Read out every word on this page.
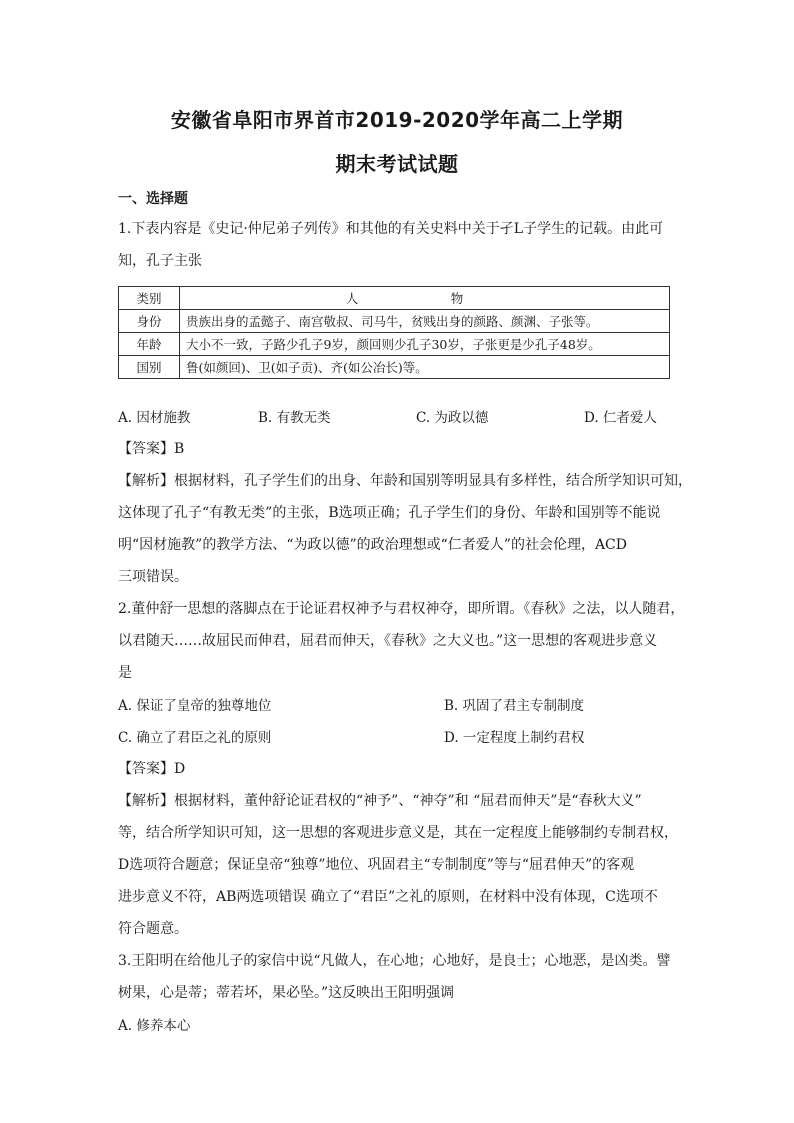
安徽省阜阳市界首市2019-2020学年高二上学期
期末考试试题
一、选择题
1.下表内容是《史记·仲尼弟子列传》和其他的有关史料中关于孑L子学生的记载。由此可
知，孔子主张
类别	人　物
身份	贵族出身的孟懿子、南宫敬叔、司马牛，贫贱出身的颜路、颜渊、子张等。
年龄	大小不一致，子路少孔子9岁，颜回则少孔子30岁，子张更是少孔子48岁。
国别	鲁(如颜回)、卫(如子贡)、齐(如公冶长)等。
A. 因材施教	B. 有教无类	C. 为政以德	D. 仁者爱人
【答案】B
【解析】根据材料，孔子学生们的出身、年龄和国别等明显具有多样性，结合所学知识可知，
这体现了孔子“有教无类”的主张，B选项正确；孔子学生们的身份、年龄和国别等不能说
明“因材施教”的教学方法、“为政以德”的政治理想或“仁者爱人”的社会伦理，ACD
三项错误。
2.董仲舒一思想的落脚点在于论证君权神予与君权神夺，即所谓。《春秋》之法，以人随君，
以君随天……故屈民而伸君，屈君而伸天，《春秋》之大义也。”这一思想的客观进步意义
是
A. 保证了皇帝的独尊地位	B. 巩固了君主专制制度
C. 确立了君臣之礼的原则	D. 一定程度上制约君权
【答案】D
【解析】根据材料，董仲舒论证君权的“神予”、“神夺”和 “屈君而伸天”是“春秋大义”
等，结合所学知识可知，这一思想的客观进步意义是，其在一定程度上能够制约专制君权，
D选项符合题意；保证皇帝“独尊”地位、巩固君主“专制制度”等与“屈君伸天”的客观
进步意义不符，AB两选项错误 确立了“君臣”之礼的原则，在材料中没有体现，C选项不
符合题意。
3.王阳明在给他儿子的家信中说“凡做人，在心地；心地好，是良士；心地恶，是凶类。譬
树果，心是蒂；蒂若坏，果必坠。”这反映出王阳明强调
A. 修养本心
